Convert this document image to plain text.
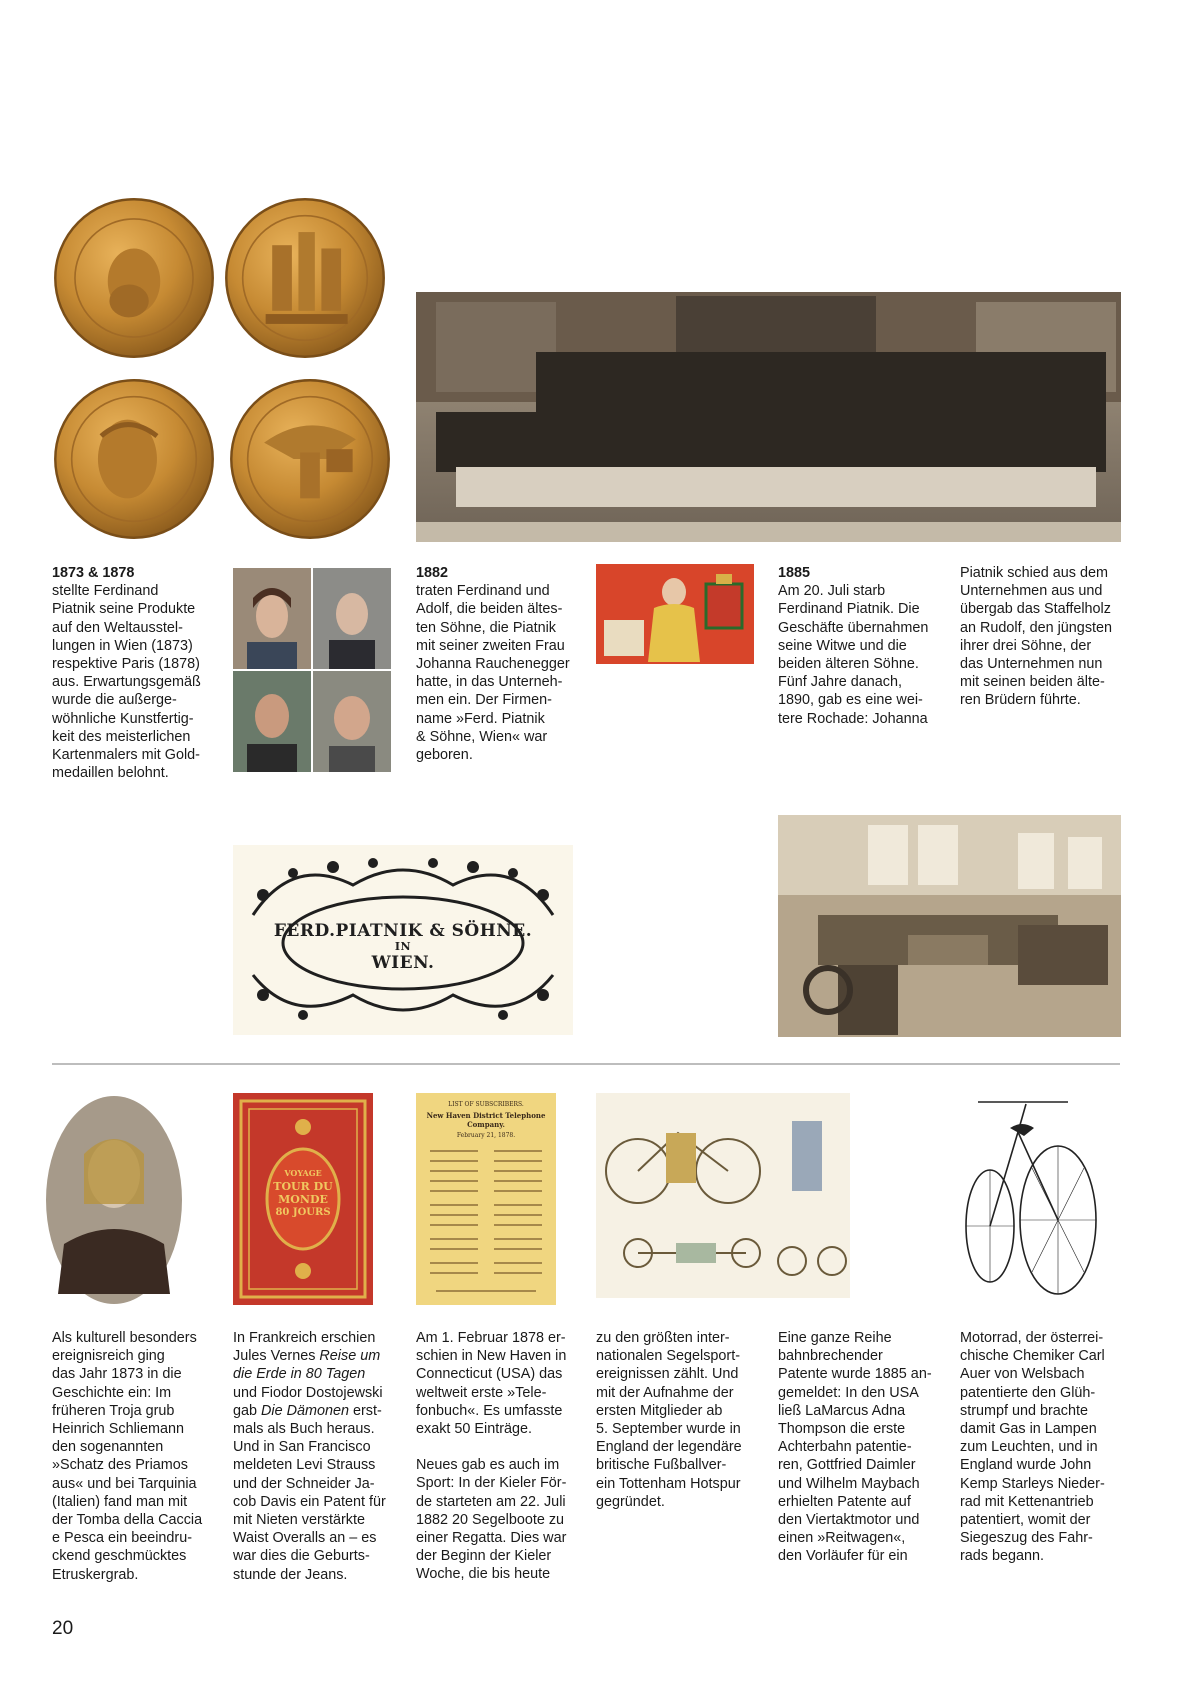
FERD.PIATNIK & SÖHNE.
IN
WIEN.

1873 & 1878

stellte Ferdinand
Piatnik seine Produkte
auf den Weltausstel-
lungen in Wien (1873)
respektive Paris (1878)
aus. Erwartungsgemäß
wurde die außerge-
wöhnliche Kunstfertig-
keit des meisterlichen
Kartenmalers mit Gold-
medaillen belohnt.

1882

traten Ferdinand und
Adolf, die beiden ältes-
ten Söhne, die Piatnik
mit seiner zweiten Frau
Johanna Rauchenegger
hatte, in das Unterneh-
men ein. Der Firmen-
name »Ferd. Piatnik
& Söhne, Wien« war
geboren.

1885

Am 20. Juli starb
Ferdinand Piatnik. Die
Geschäfte übernahmen
seine Witwe und die
beiden älteren Söhne.
Fünf Jahre danach,
1890, gab es eine wei-
tere Rochade: Johanna

Piatnik schied aus dem
Unternehmen aus und
übergab das Staffelholz
an Rudolf, den jüngsten
ihrer drei Söhne, der
das Unternehmen nun
mit seinen beiden älte-
ren Brüdern führte.

VOYAGE
TOUR DU
MONDE
80 JOURS
LIST OF SUBSCRIBERS.
New Haven District Telephone Company.
February 21, 1878.

Als kulturell besonders
ereignisreich ging
das Jahr 1873 in die
Geschichte ein: Im
früheren Troja grub
Heinrich Schliemann
den sogenannten
»Schatz des Priamos
aus« und bei Tarquinia
(Italien) fand man mit
der Tomba della Caccia
e Pesca ein beeindru-
ckend geschmücktes
Etruskergrab.

In Frankreich erschien
Jules Vernes Reise um
die Erde in 80 Tagen
und Fiodor Dostojewski
gab Die Dämonen erst-
mals als Buch heraus.
Und in San Francisco
meldeten Levi Strauss
und der Schneider Ja-
cob Davis ein Patent für
mit Nieten verstärkte
Waist Overalls an – es
war dies die Geburts-
stunde der Jeans.

Am 1. Februar 1878 er-
schien in New Haven in
Connecticut (USA) das
weltweit erste »Tele-
fonbuch«. Es umfasste
exakt 50 Einträge.

Neues gab es auch im
Sport: In der Kieler För-
de starteten am 22. Juli
1882 20 Segelboote zu
einer Regatta. Dies war
der Beginn der Kieler
Woche, die bis heute

zu den größten inter-
nationalen Segelsport-
ereignissen zählt. Und
mit der Aufnahme der
ersten Mitglieder ab
5. September wurde in
England der legendäre
britische Fußballver-
ein Tottenham Hotspur
gegründet.

Eine ganze Reihe
bahnbrechender
Patente wurde 1885 an-
gemeldet: In den USA
ließ LaMarcus Adna
Thompson die erste
Achterbahn patentie-
ren, Gottfried Daimler
und Wilhelm Maybach
erhielten Patente auf
den Viertaktmotor und
einen »Reitwagen«,
den Vorläufer für ein

Motorrad, der österrei-
chische Chemiker Carl
Auer von Welsbach
patentierte den Glüh-
strumpf und brachte
damit Gas in Lampen
zum Leuchten, und in
England wurde John
Kemp Starleys Nieder-
rad mit Kettenantrieb
patentiert, womit der
Siegeszug des Fahr-
rads begann.

20
